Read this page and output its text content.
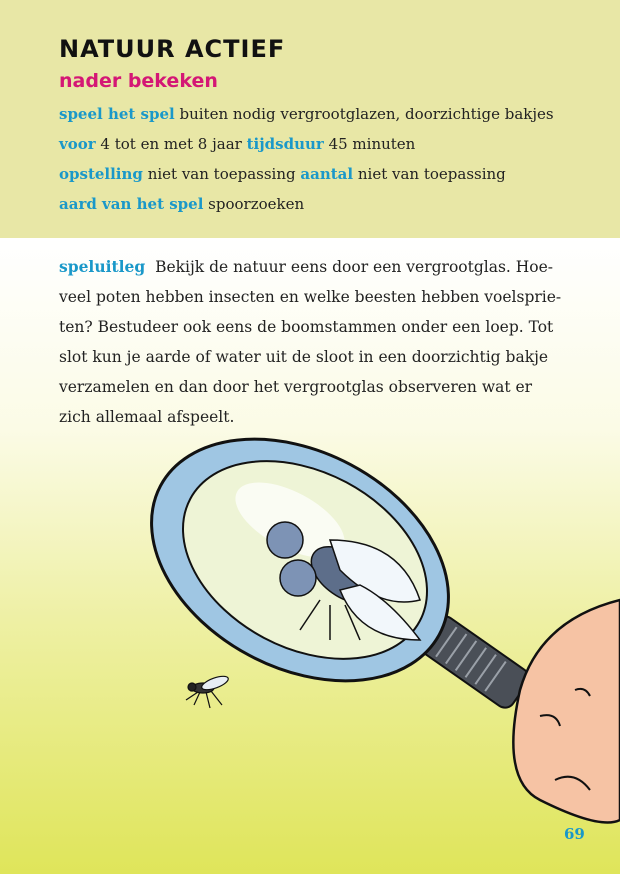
NATUUR ACTIEF
nader bekeken
speel het spel buiten nodig vergrootglazen, doorzichtige bakjes
voor 4 tot en met 8 jaar tijdsduur 45 minuten
opstelling niet van toepassing aantal niet van toepassing
aard van het spel spoorzoeken
speluitleg Bekijk de natuur eens door een vergrootglas. Hoe-
veel poten hebben insecten en welke beesten hebben voelsprie-
ten? Bestudeer ook eens de boomstammen onder een loep. Tot
slot kun je aarde of water uit de sloot in een doorzichtig bakje
verzamelen en dan door het vergrootglas observeren wat er
zich allemaal afspeelt.
69
